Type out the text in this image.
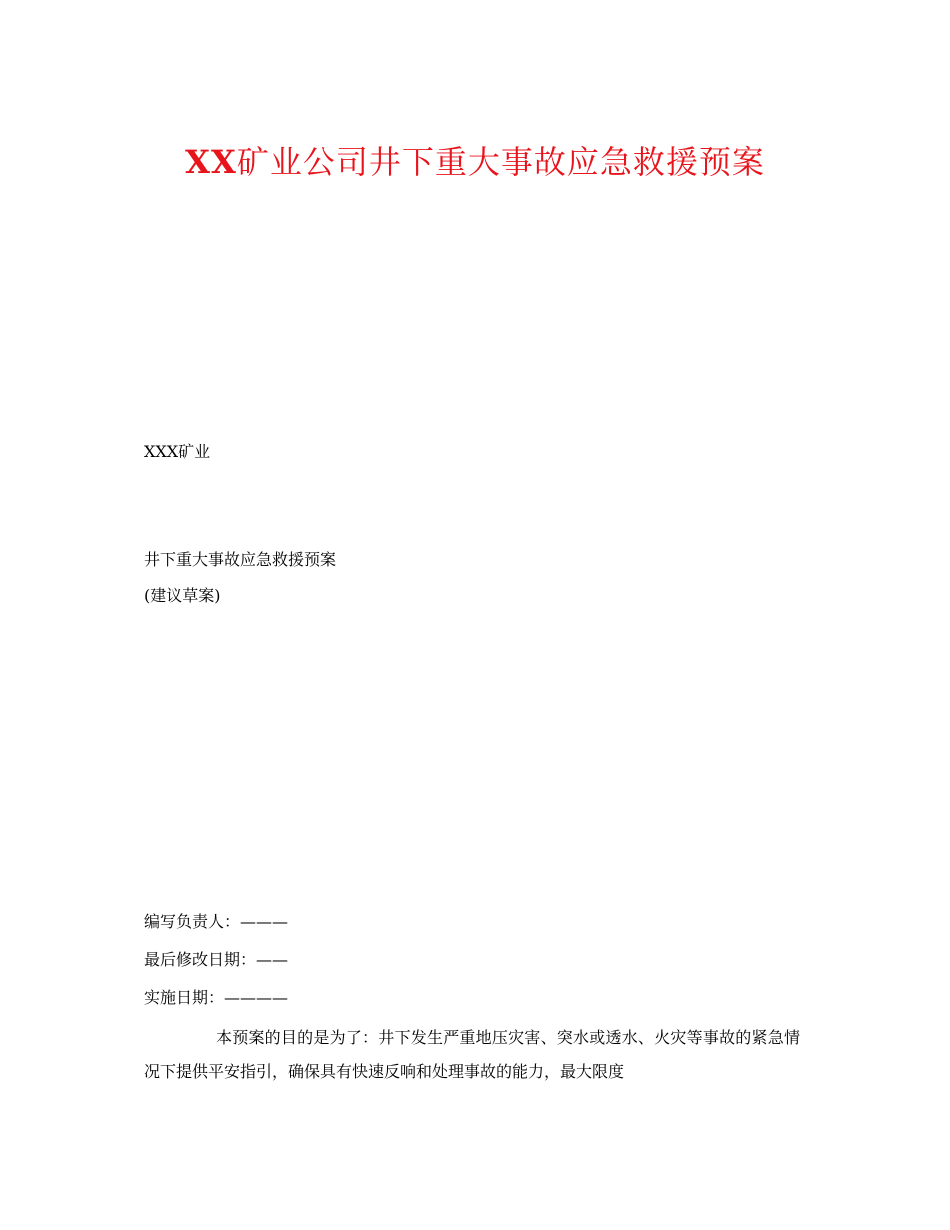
XX矿业公司井下重大事故应急救援预案
XXX矿业
井下重大事故应急救援预案
(建议草案)
编写负责人：———
最后修改日期：——
实施日期：————
本预案的目的是为了：井下发生严重地压灾害、突水或透水、火灾等事故的紧急情况下提供平安指引，确保具有快速反响和处理事故的能力，最大限度
